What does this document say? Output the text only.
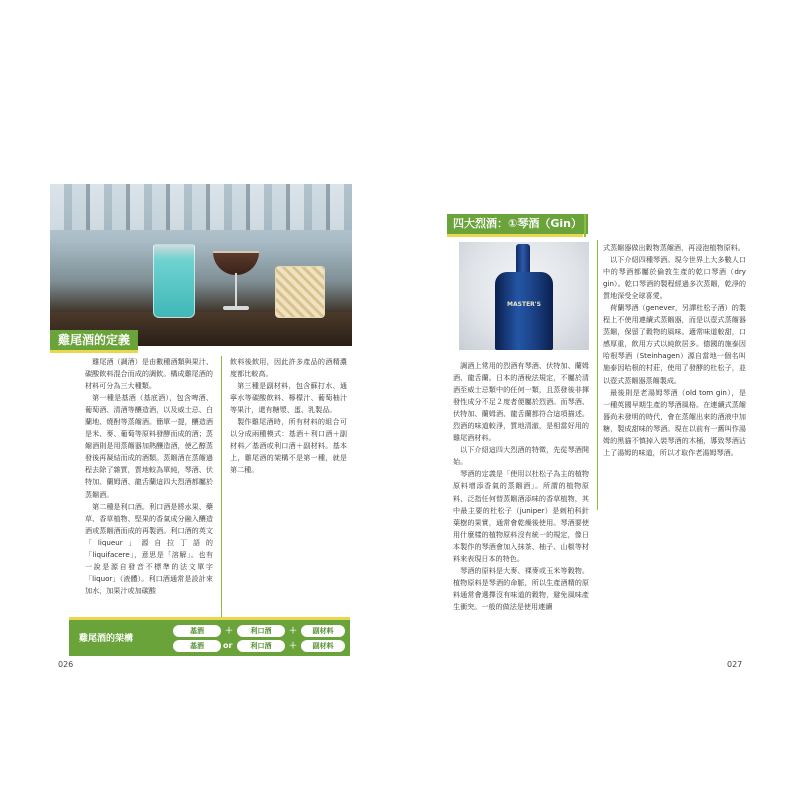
雞尾酒的定義

雞尾酒（調酒）是由數種酒類與果汁、碳酸飲料混合而成的調飲。構成雞尾酒的材料可分為三大種類。

第一種是基酒（基底酒），包含啤酒、葡萄酒、清酒等釀造酒，以及威士忌、白蘭地、燒酎等蒸餾酒。簡單一提，釀造酒是米、麥、葡萄等原料發酵而成的酒；蒸餾酒則是用蒸餾器加熱釀造酒，使乙醇蒸發後再凝結而成的酒類。蒸餾酒在蒸餾過程去除了雜質，質地較為單純，琴酒、伏特加、蘭姆酒、龍舌蘭這四大烈酒都屬於蒸餾酒。

第二種是利口酒。利口酒是將水果、藥草、香草植物、堅果的香氣成分融入釀造酒或蒸餾酒而成的再製酒。利口酒的英文「liqueur」源自拉丁語的「liquifacere」，意思是「溶解」。也有一說是源自發音不標準的法文單字「liquor」（液體）。利口酒通常是設計來加水，加果汁或加碳酸

飲料後飲用，因此許多產品的酒精濃度都比較高。

第三種是副材料，包含蘇打水、通寧水等碳酸飲料、檸檬汁、葡萄柚汁等果汁，還有糖漿、蛋、乳製品。

製作雞尾酒時，所有材料的組合可以分成兩種模式：基酒＋利口酒＋副材料／基酒或利口酒＋副材料。基本上，雞尾酒的架構不是第一種，就是第二種。

雞尾酒的架構
基酒	＋	利口酒	＋	副材料
基酒	or	利口酒	＋	副材料
026
四大烈酒：①琴酒（Gin）
MASTER'S

調酒上常用的烈酒有琴酒、伏特加、蘭姆酒、龍舌蘭。日本的酒稅法規定，不屬於清酒至威士忌類中的任何一類，且蒸發後非揮發性成分不足２度者便屬於烈酒。而琴酒、伏特加、蘭姆酒、龍舌蘭都符合這項描述。烈酒的味道較淨，質地清澈，是相當好用的雞尾酒材料。

以下介紹這四大烈酒的特徵，先從琴酒開始。

琴酒的定義是「使用以杜松子為主的植物原料增添香氣的蒸餾酒」。所謂的植物原料，泛指任何替蒸餾酒添味的香草植物，其中最主要的杜松子（juniper）是刺柏科針葉樹的果實，通常會乾燥後使用。琴酒要使用什麼樣的植物原料沒有統一的規定，像日本製作的琴酒會加入抹茶、柚子、山椒等材料來表現日本的特色。

琴酒的原料是大麥、裸麥或玉米等穀物。植物原料是琴酒的命脈，所以生產酒精的原料通常會選擇沒有味道的穀物，避免風味產生衝突。一般的做法是使用連續

式蒸餾器做出穀物蒸餾酒，再浸泡植物原料。

以下介紹四種琴酒。現今世界上大多數人口中的琴酒都屬於倫敦生產的乾口琴酒（dry gin）。乾口琴酒的製程經過多次蒸餾，乾淨的質地深受全球喜愛。

荷蘭琴酒（genever，另譯杜松子酒）的製程上不使用連續式蒸餾器，而是以壺式蒸餾器蒸餾，保留了穀物的風味。適常味道較甜，口感厚重，飲用方式以純飲居多。德國的施泰因哈根琴酒（Steinhagen）源自當地一個名叫施泰因哈根的村莊，使用了發酵的杜松子，並以壺式蒸餾器蒸餾製成。

最後則是老湯姆琴酒（old tom gin），是一種英國早期生產的琴酒風格。在連續式蒸餾器尚未發明的時代，會在蒸餾出來的酒液中加糖，製成甜味的琴酒。現在以前有一舊叫作湯姆的黑貓不慎掉入裝琴酒的木桶，導致琴酒沾上了湯姆的味道，所以才取作老湯姆琴酒。

027
